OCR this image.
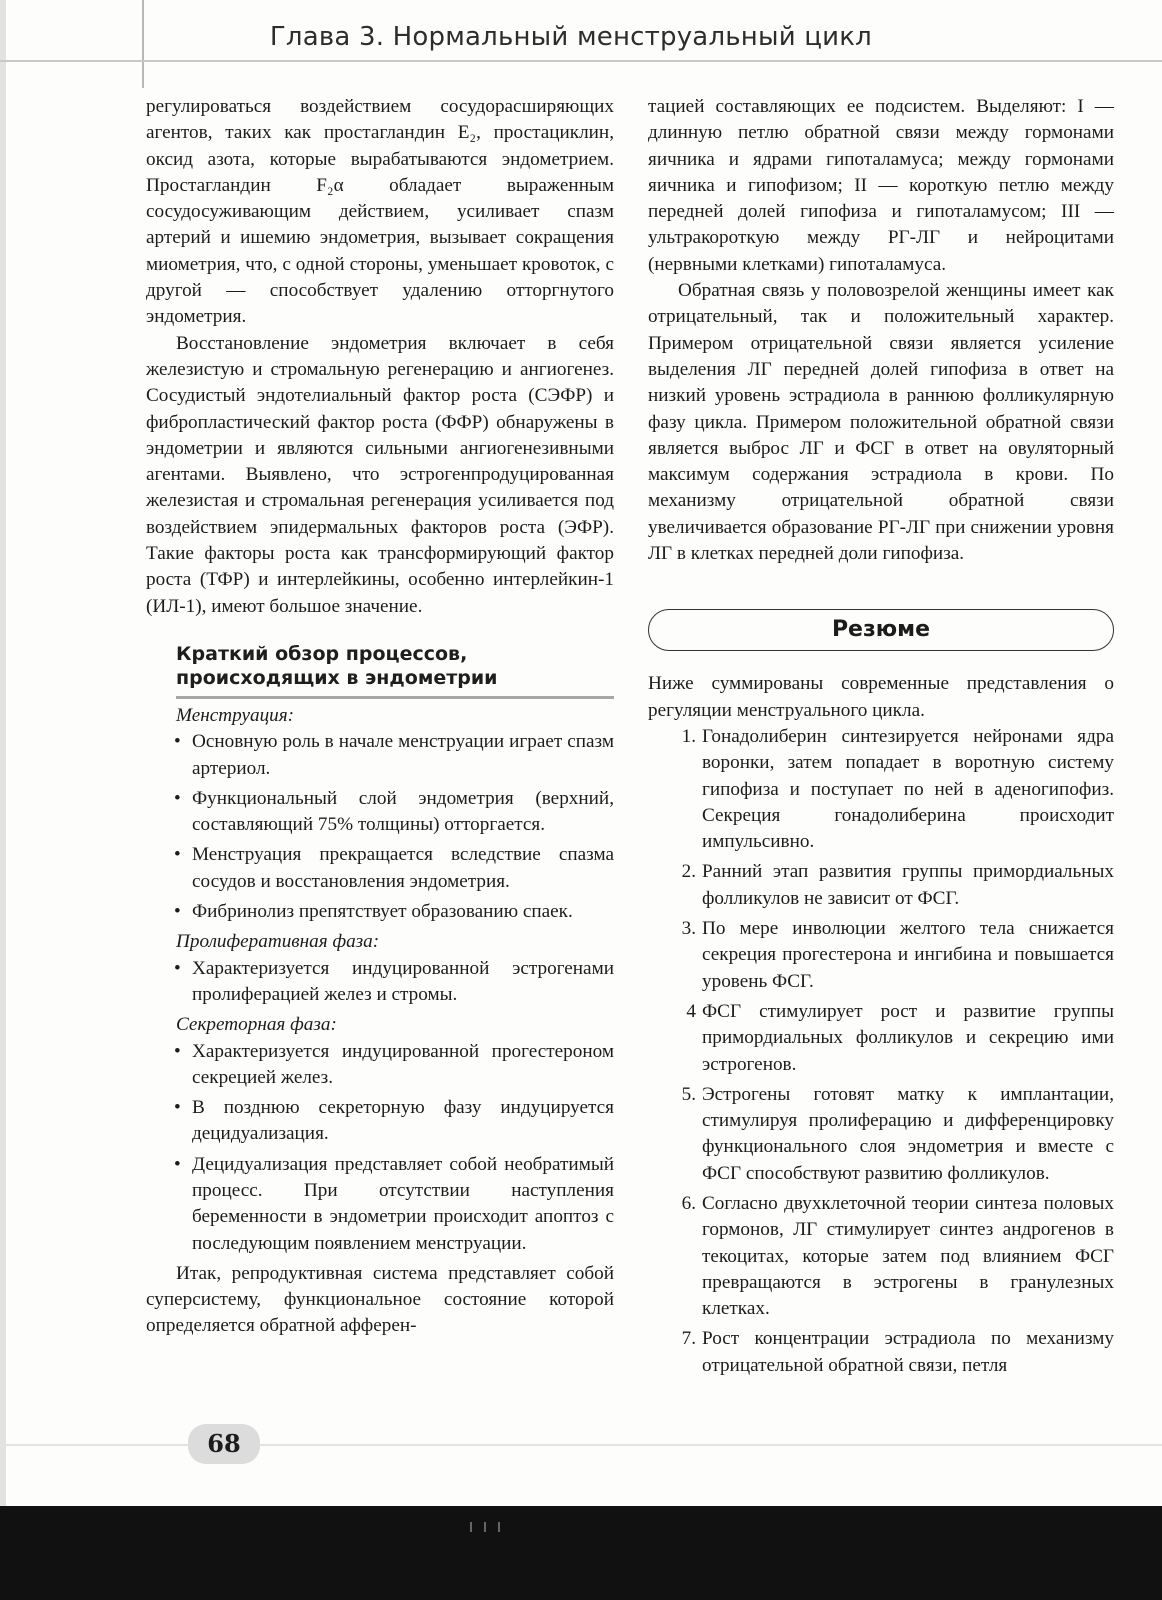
Глава 3. Нормальный менструальный цикл

регулироваться воздействием сосудорасширяющих агентов, таких как простагландин E₂, простациклин, оксид азота, которые вырабатываются эндометрием. Простагландин F₂α обладает выраженным сосудосуживающим действием, усиливает спазм артерий и ишемию эндометрия, вызывает сокращения миометрия, что, с одной стороны, уменьшает кровоток, с другой — способствует удалению отторгнутого эндометрия.

Восстановление эндометрия включает в себя железистую и стромальную регенерацию и ангиогенез. Сосудистый эндотелиальный фактор роста (СЭФР) и фибропластический фактор роста (ФФР) обнаружены в эндометрии и являются сильными ангиогенезивными агентами. Выявлено, что эстрогенпродуцированная железистая и стромальная регенерация усиливается под воздействием эпидермальных факторов роста (ЭФР). Такие факторы роста как трансформирующий фактор роста (ТФР) и интерлейкины, особенно интерлейкин-1 (ИЛ-1), имеют большое значение.

Краткий обзор процессов, происходящих в эндометрии
Менструация:
• Основную роль в начале менструации играет спазм артериол.
• Функциональный слой эндометрия (верхний, составляющий 75% толщины) отторгается.
• Менструация прекращается вследствие спазма сосудов и восстановления эндометрия.
• Фибринолиз препятствует образованию спаек.
Пролиферативная фаза:
• Характеризуется индуцированной эстрогенами пролиферацией желез и стромы.
Секреторная фаза:
• Характеризуется индуцированной прогестероном секрецией желез.
• В позднюю секреторную фазу индуцируется децидуализация.
• Децидуализация представляет собой необратимый процесс. При отсутствии наступления беременности в эндометрии происходит апоптоз с последующим появлением менструации.

Итак, репродуктивная система представляет собой суперсистему, функциональное состояние которой определяется обратной афферен-

тацией составляющих ее подсистем. Выделяют: I — длинную петлю обратной связи между гормонами яичника и ядрами гипоталамуса; между гормонами яичника и гипофизом; II — короткую петлю между передней долей гипофиза и гипоталамусом; III — ультракороткую между РГ-ЛГ и нейроцитами (нервными клетками) гипоталамуса.

Обратная связь у половозрелой женщины имеет как отрицательный, так и положительный характер. Примером отрицательной связи является усиление выделения ЛГ передней долей гипофиза в ответ на низкий уровень эстрадиола в раннюю фолликулярную фазу цикла. Примером положительной обратной связи является выброс ЛГ и ФСГ в ответ на овуляторный максимум содержания эстрадиола в крови. По механизму отрицательной обратной связи увеличивается образование РГ-ЛГ при снижении уровня ЛГ в клетках передней доли гипофиза.

Резюме

Ниже суммированы современные представления о регуляции менструального цикла.

1. Гонадолиберин синтезируется нейронами ядра воронки, затем попадает в воротную систему гипофиза и поступает по ней в аденогипофиз. Секреция гонадолиберина происходит импульсивно.
2. Ранний этап развития группы примордиальных фолликулов не зависит от ФСГ.
3. По мере инволюции желтого тела снижается секреция прогестерона и ингибина и повышается уровень ФСГ.
4 ФСГ стимулирует рост и развитие группы примордиальных фолликулов и секрецию ими эстрогенов.
5. Эстрогены готовят матку к имплантации, стимулируя пролиферацию и дифференцировку функционального слоя эндометрия и вместе с ФСГ способствуют развитию фолликулов.
6. Согласно двухклеточной теории синтеза половых гормонов, ЛГ стимулирует синтез андрогенов в текоцитах, которые затем под влиянием ФСГ превращаются в эстрогены в гранулезных клетках.
7. Рост концентрации эстрадиола по механизму отрицательной обратной связи, петля
68
